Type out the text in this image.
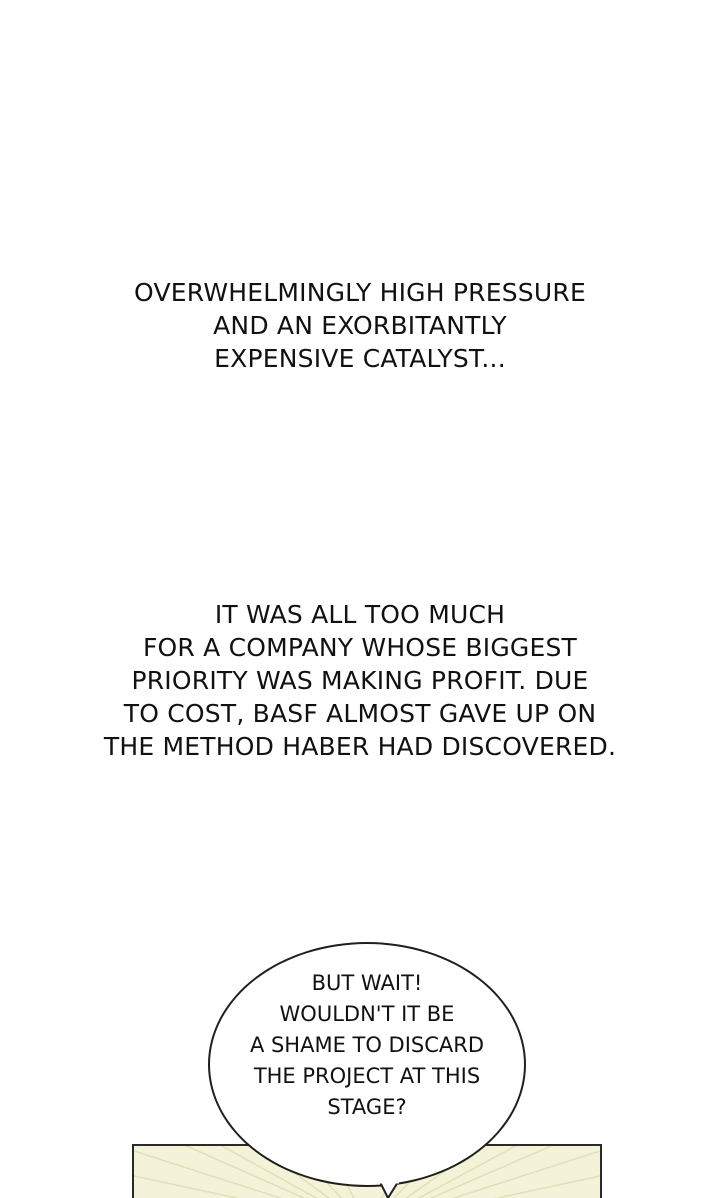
OVERWHELMINGLY HIGH PRESSURE
AND AN EXORBITANTLY
EXPENSIVE CATALYST...
IT WAS ALL TOO MUCH
FOR A COMPANY WHOSE BIGGEST
PRIORITY WAS MAKING PROFIT. DUE
TO COST, BASF ALMOST GAVE UP ON
THE METHOD HABER HAD DISCOVERED.
BUT WAIT!
WOULDN'T IT BE
A SHAME TO DISCARD
THE PROJECT AT THIS
STAGE?
